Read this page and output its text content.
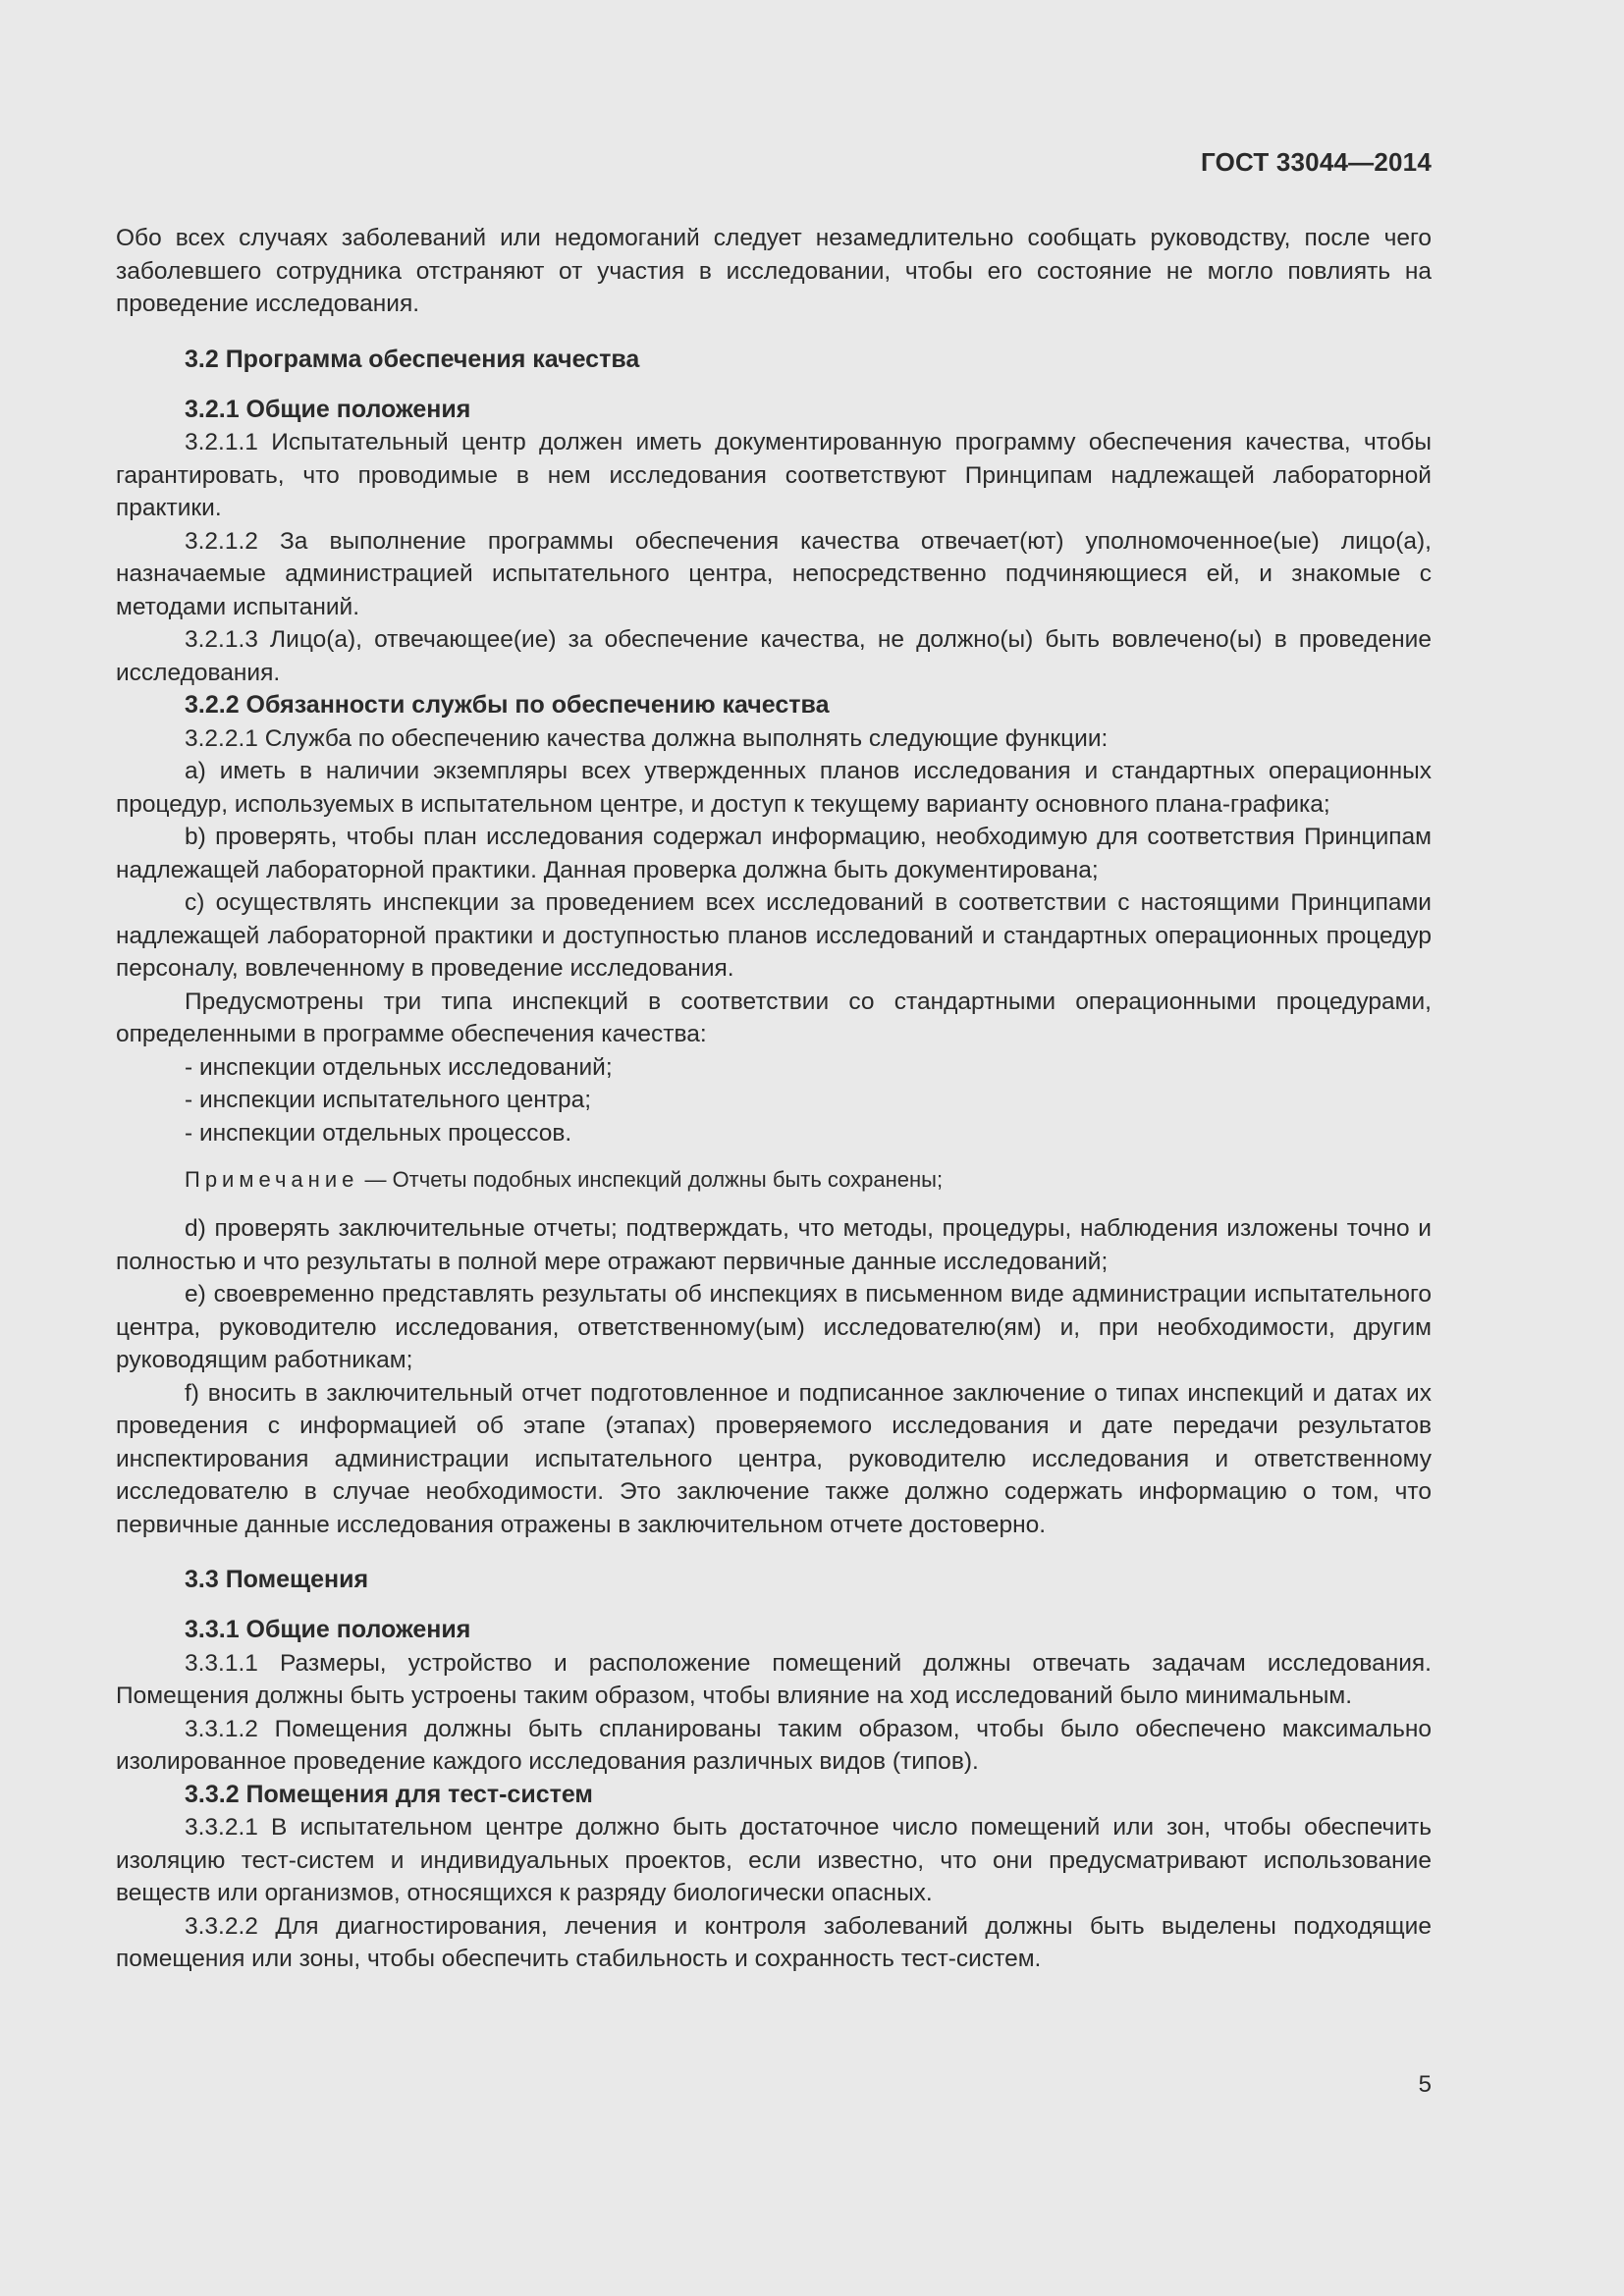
ГОСТ 33044—2014

Обо всех случаях заболеваний или недомоганий следует незамедлительно сообщать руководству, после чего заболевшего сотрудника отстраняют от участия в исследовании, чтобы его состояние не могло повлиять на проведение исследования.

3.2 Программа обеспечения качества
3.2.1 Общие положения

3.2.1.1 Испытательный центр должен иметь документированную программу обеспечения качества, чтобы гарантировать, что проводимые в нем исследования соответствуют Принципам надлежащей лабораторной практики.

3.2.1.2 За выполнение программы обеспечения качества отвечает(ют) уполномоченное(ые) лицо(а), назначаемые администрацией испытательного центра, непосредственно подчиняющиеся ей, и знакомые с методами испытаний.

3.2.1.3 Лицо(а), отвечающее(ие) за обеспечение качества, не должно(ы) быть вовлечено(ы) в проведение исследования.

3.2.2 Обязанности службы по обеспечению качества

3.2.2.1 Служба по обеспечению качества должна выполнять следующие функции:

a) иметь в наличии экземпляры всех утвержденных планов исследования и стандартных операционных процедур, используемых в испытательном центре, и доступ к текущему варианту основного плана-графика;

b) проверять, чтобы план исследования содержал информацию, необходимую для соответствия Принципам надлежащей лабораторной практики. Данная проверка должна быть документирована;

c) осуществлять инспекции за проведением всех исследований в соответствии с настоящими Принципами надлежащей лабораторной практики и доступностью планов исследований и стандартных операционных процедур персоналу, вовлеченному в проведение исследования.

Предусмотрены три типа инспекций в соответствии со стандартными операционными процедурами, определенными в программе обеспечения качества:

- инспекции отдельных исследований;

- инспекции испытательного центра;

- инспекции отдельных процессов.

Примечание — Отчеты подобных инспекций должны быть сохранены;

d) проверять заключительные отчеты; подтверждать, что методы, процедуры, наблюдения изложены точно и полностью и что результаты в полной мере отражают первичные данные исследований;

e) своевременно представлять результаты об инспекциях в письменном виде администрации испытательного центра, руководителю исследования, ответственному(ым) исследователю(ям) и, при необходимости, другим руководящим работникам;

f) вносить в заключительный отчет подготовленное и подписанное заключение о типах инспекций и датах их проведения с информацией об этапе (этапах) проверяемого исследования и дате передачи результатов инспектирования администрации испытательного центра, руководителю исследования и ответственному исследователю в случае необходимости. Это заключение также должно содержать информацию о том, что первичные данные исследования отражены в заключительном отчете достоверно.

3.3 Помещения
3.3.1 Общие положения

3.3.1.1 Размеры, устройство и расположение помещений должны отвечать задачам исследования. Помещения должны быть устроены таким образом, чтобы влияние на ход исследований было минимальным.

3.3.1.2 Помещения должны быть спланированы таким образом, чтобы было обеспечено максимально изолированное проведение каждого исследования различных видов (типов).

3.3.2 Помещения для тест-систем

3.3.2.1 В испытательном центре должно быть достаточное число помещений или зон, чтобы обеспечить изоляцию тест-систем и индивидуальных проектов, если известно, что они предусматривают использование веществ или организмов, относящихся к разряду биологически опасных.

3.3.2.2 Для диагностирования, лечения и контроля заболеваний должны быть выделены подходящие помещения или зоны, чтобы обеспечить стабильность и сохранность тест-систем.

5
